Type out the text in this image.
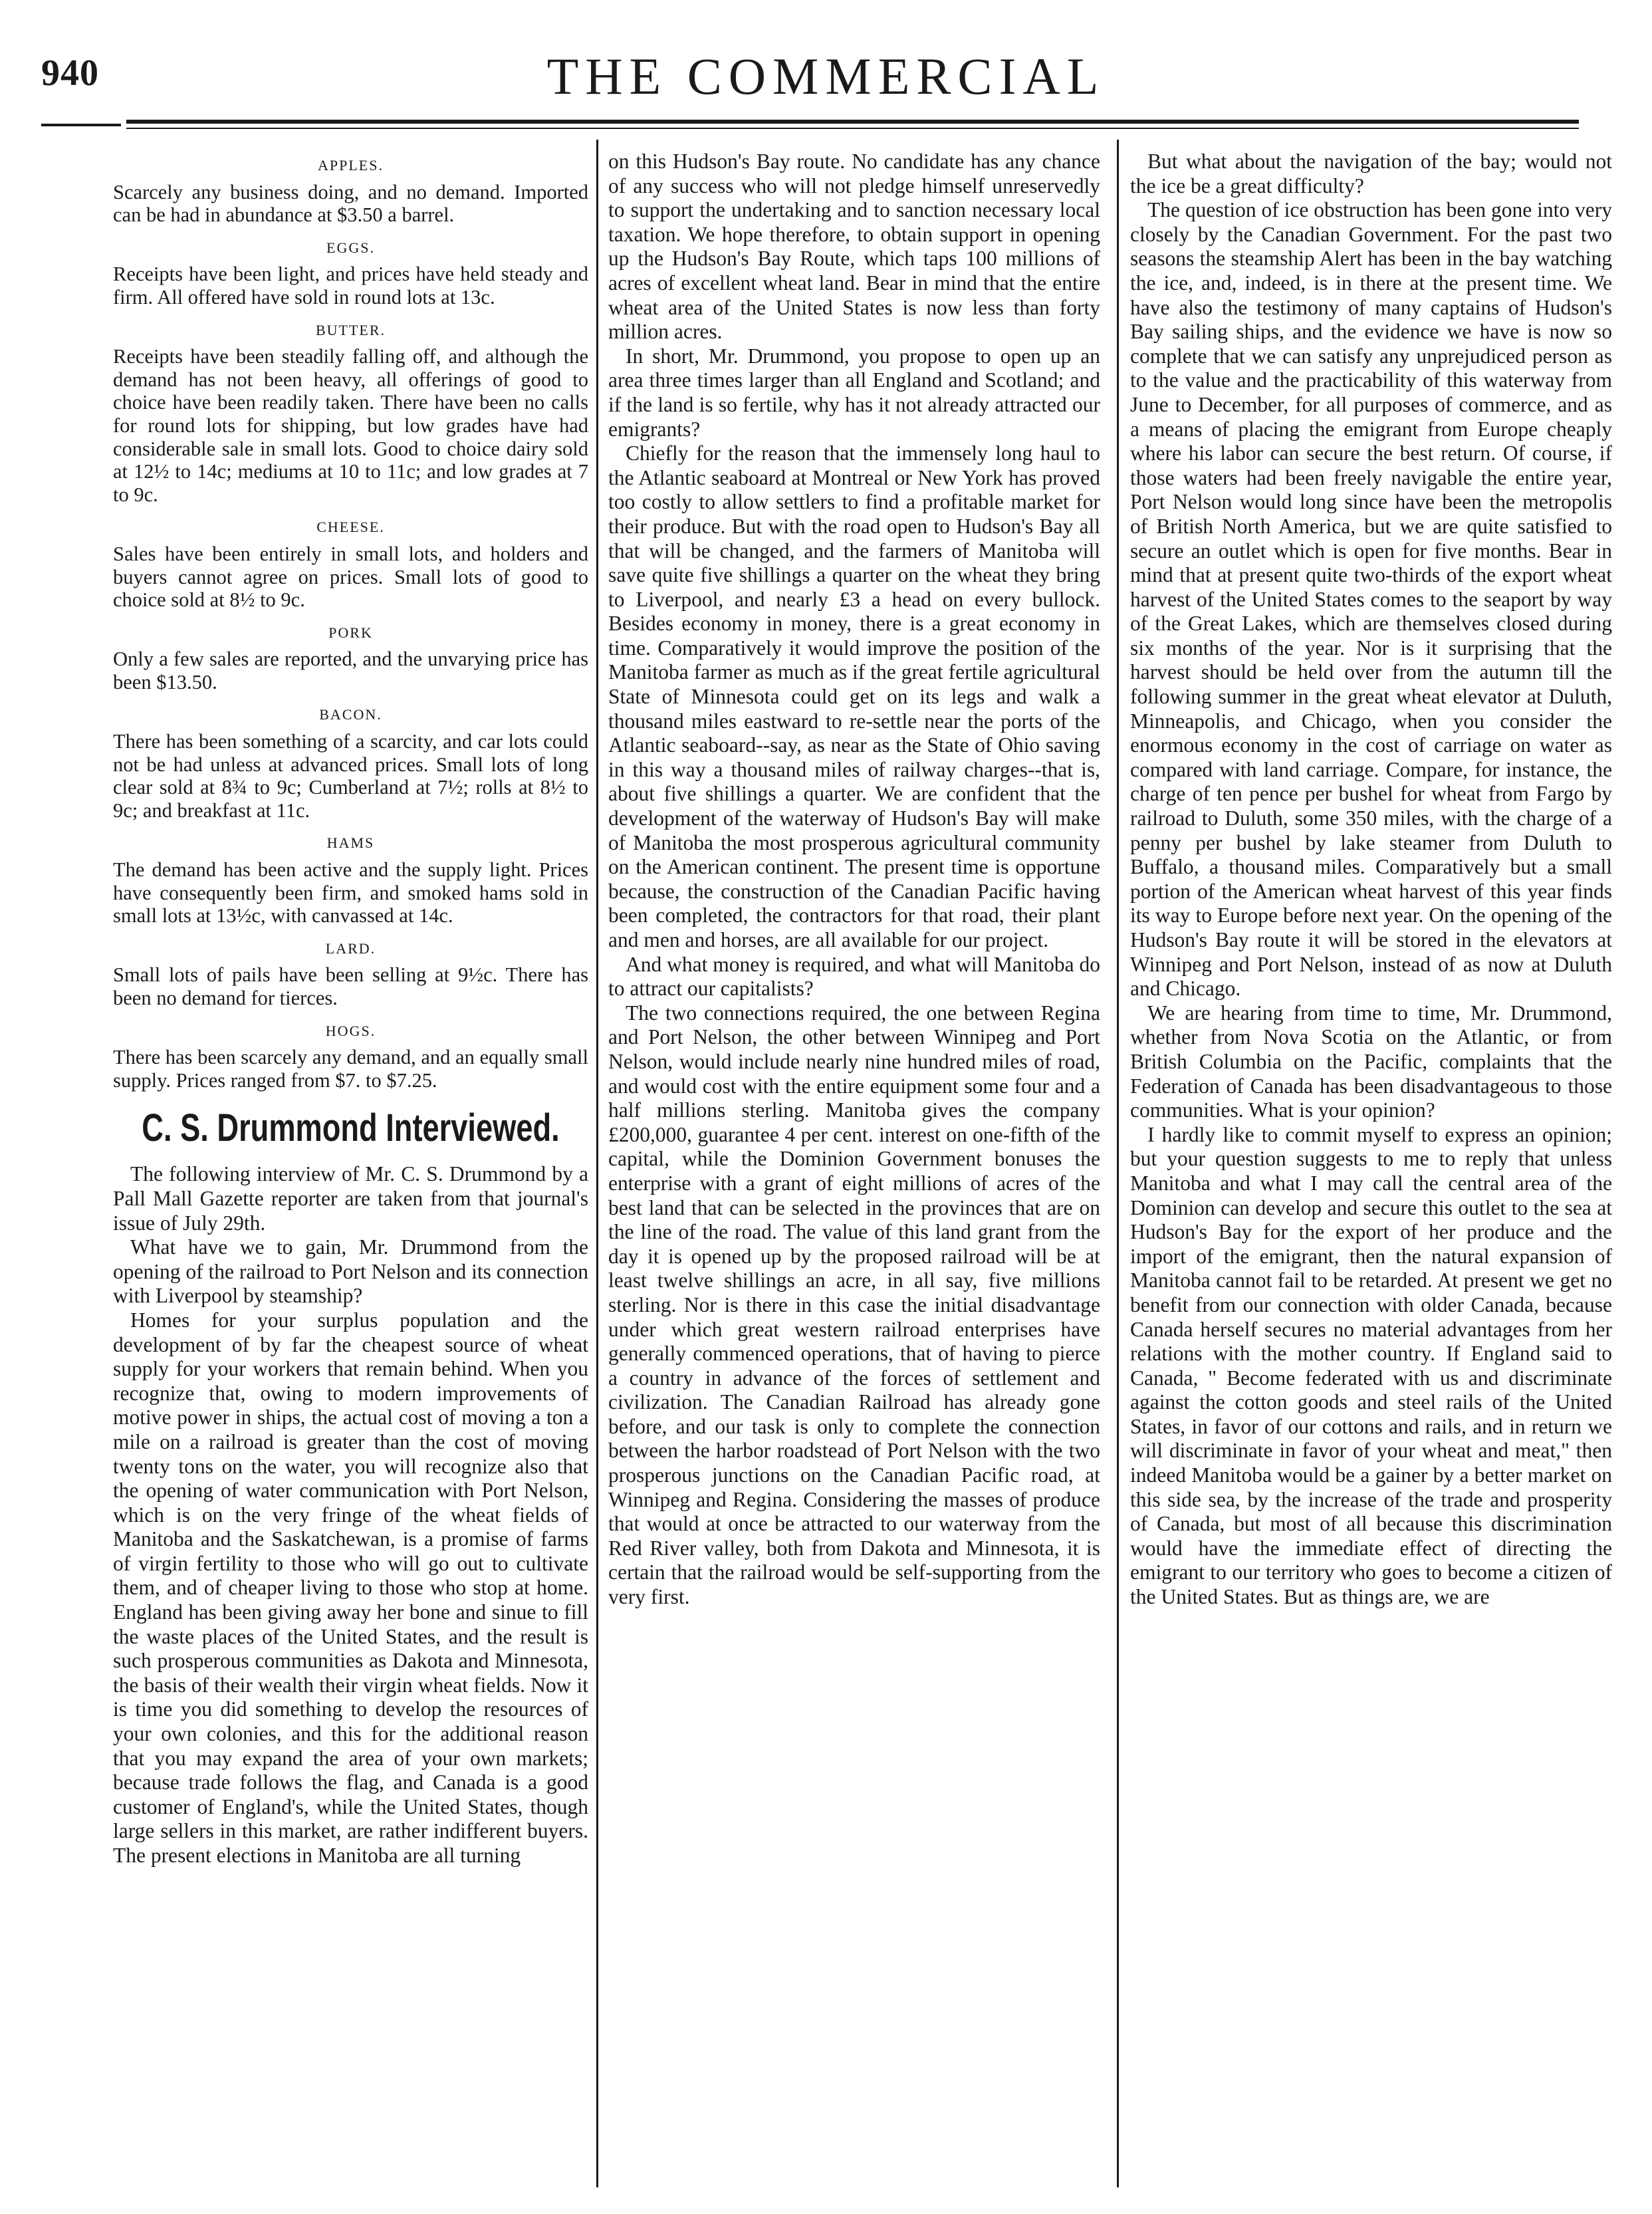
940	THE COMMERCIAL
APPLES.

Scarcely any business doing, and no demand. Imported can be had in abundance at $3.50 a barrel.

EGGS.

Receipts have been light, and prices have held steady and firm. All offered have sold in round lots at 13c.

BUTTER.

Receipts have been steadily falling off, and although the demand has not been heavy, all offerings of good to choice have been readily taken. There have been no calls for round lots for shipping, but low grades have had considerable sale in small lots. Good to choice dairy sold at 12½ to 14c; mediums at 10 to 11c; and low grades at 7 to 9c.

CHEESE.

Sales have been entirely in small lots, and holders and buyers cannot agree on prices. Small lots of good to choice sold at 8½ to 9c.

PORK

Only a few sales are reported, and the unvarying price has been $13.50.

BACON.

There has been something of a scarcity, and car lots could not be had unless at advanced prices. Small lots of long clear sold at 8¾ to 9c; Cumberland at 7½; rolls at 8½ to 9c; and breakfast at 11c.

HAMS

The demand has been active and the supply light. Prices have consequently been firm, and smoked hams sold in small lots at 13½c, with canvassed at 14c.

LARD.

Small lots of pails have been selling at 9½c. There has been no demand for tierces.

HOGS.

There has been scarcely any demand, and an equally small supply. Prices ranged from $7. to $7.25.

C. S. Drummond Interviewed.

The following interview of Mr. C. S. Drummond by a Pall Mall Gazette reporter are taken from that journal's issue of July 29th.

What have we to gain, Mr. Drummond from the opening of the railroad to Port Nelson and its connection with Liverpool by steamship?

Homes for your surplus population and the development of by far the cheapest source of wheat supply for your workers that remain behind. When you recognize that, owing to modern improvements of motive power in ships, the actual cost of moving a ton a mile on a railroad is greater than the cost of moving twenty tons on the water, you will recognize also that the opening of water communication with Port Nelson, which is on the very fringe of the wheat fields of Manitoba and the Saskatchewan, is a promise of farms of virgin fertility to those who will go out to cultivate them, and of cheaper living to those who stop at home. England has been giving away her bone and sinue to fill the waste places of the United States, and the result is such prosperous communities as Dakota and Minnesota, the basis of their wealth their virgin wheat fields. Now it is time you did something to develop the resources of your own colonies, and this for the additional reason that you may expand the area of your own markets; because trade follows the flag, and Canada is a good customer of England's, while the United States, though large sellers in this market, are rather indifferent buyers. The present elections in Manitoba are all turning

on this Hudson's Bay route. No candidate has any chance of any success who will not pledge himself unreservedly to support the undertaking and to sanction necessary local taxation. We hope therefore, to obtain support in opening up the Hudson's Bay Route, which taps 100 millions of acres of excellent wheat land. Bear in mind that the entire wheat area of the United States is now less than forty million acres.

In short, Mr. Drummond, you propose to open up an area three times larger than all England and Scotland; and if the land is so fertile, why has it not already attracted our emigrants?

Chiefly for the reason that the immensely long haul to the Atlantic seaboard at Montreal or New York has proved too costly to allow settlers to find a profitable market for their produce. But with the road open to Hudson's Bay all that will be changed, and the farmers of Manitoba will save quite five shillings a quarter on the wheat they bring to Liverpool, and nearly £3 a head on every bullock. Besides economy in money, there is a great economy in time. Comparatively it would improve the position of the Manitoba farmer as much as if the great fertile agricultural State of Minnesota could get on its legs and walk a thousand miles eastward to re-settle near the ports of the Atlantic seaboard--say, as near as the State of Ohio saving in this way a thousand miles of railway charges--that is, about five shillings a quarter. We are confident that the development of the waterway of Hudson's Bay will make of Manitoba the most prosperous agricultural community on the American continent. The present time is opportune because, the construction of the Canadian Pacific having been completed, the contractors for that road, their plant and men and horses, are all available for our project.

And what money is required, and what will Manitoba do to attract our capitalists?

The two connections required, the one between Regina and Port Nelson, the other between Winnipeg and Port Nelson, would include nearly nine hundred miles of road, and would cost with the entire equipment some four and a half millions sterling. Manitoba gives the company £200,000, guarantee 4 per cent. interest on one-fifth of the capital, while the Dominion Government bonuses the enterprise with a grant of eight millions of acres of the best land that can be selected in the provinces that are on the line of the road. The value of this land grant from the day it is opened up by the proposed railroad will be at least twelve shillings an acre, in all say, five millions sterling. Nor is there in this case the initial disadvantage under which great western railroad enterprises have generally commenced operations, that of having to pierce a country in advance of the forces of settlement and civilization. The Canadian Railroad has already gone before, and our task is only to complete the connection between the harbor roadstead of Port Nelson with the two prosperous junctions on the Canadian Pacific road, at Winnipeg and Regina. Considering the masses of produce that would at once be attracted to our waterway from the Red River valley, both from Dakota and Minnesota, it is certain that the railroad would be self-supporting from the very first.

But what about the navigation of the bay; would not the ice be a great difficulty?

The question of ice obstruction has been gone into very closely by the Canadian Government. For the past two seasons the steamship Alert has been in the bay watching the ice, and, indeed, is in there at the present time. We have also the testimony of many captains of Hudson's Bay sailing ships, and the evidence we have is now so complete that we can satisfy any unprejudiced person as to the value and the practicability of this waterway from June to December, for all purposes of commerce, and as a means of placing the emigrant from Europe cheaply where his labor can secure the best return. Of course, if those waters had been freely navigable the entire year, Port Nelson would long since have been the metropolis of British North America, but we are quite satisfied to secure an outlet which is open for five months. Bear in mind that at present quite two-thirds of the export wheat harvest of the United States comes to the seaport by way of the Great Lakes, which are themselves closed during six months of the year. Nor is it surprising that the harvest should be held over from the autumn till the following summer in the great wheat elevator at Duluth, Minneapolis, and Chicago, when you consider the enormous economy in the cost of carriage on water as compared with land carriage. Compare, for instance, the charge of ten pence per bushel for wheat from Fargo by railroad to Duluth, some 350 miles, with the charge of a penny per bushel by lake steamer from Duluth to Buffalo, a thousand miles. Comparatively but a small portion of the American wheat harvest of this year finds its way to Europe before next year. On the opening of the Hudson's Bay route it will be stored in the elevators at Winnipeg and Port Nelson, instead of as now at Duluth and Chicago.

We are hearing from time to time, Mr. Drummond, whether from Nova Scotia on the Atlantic, or from British Columbia on the Pacific, complaints that the Federation of Canada has been disadvantageous to those communities. What is your opinion?

I hardly like to commit myself to express an opinion; but your question suggests to me to reply that unless Manitoba and what I may call the central area of the Dominion can develop and secure this outlet to the sea at Hudson's Bay for the export of her produce and the import of the emigrant, then the natural expansion of Manitoba cannot fail to be retarded. At present we get no benefit from our connection with older Canada, because Canada herself secures no material advantages from her relations with the mother country. If England said to Canada, " Become federated with us and discriminate against the cotton goods and steel rails of the United States, in favor of our cottons and rails, and in return we will discriminate in favor of your wheat and meat," then indeed Manitoba would be a gainer by a better market on this side sea, by the increase of the trade and prosperity of Canada, but most of all because this discrimination would have the immediate effect of directing the emigrant to our territory who goes to become a citizen of the United States. But as things are, we are
